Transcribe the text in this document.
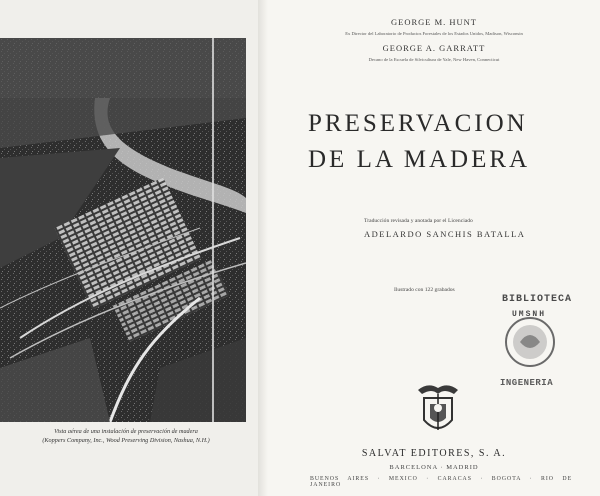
Vista aérea de una instalación de preservación de madera
(Koppers Company, Inc., Wood Preserving Division, Nashua, N.H.)
GEORGE M. HUNT
Ex Director del Laboratorio de Productos Forestales de los Estados Unidos, Madison, Wisconsin
GEORGE A. GARRATT
Decano de la Escuela de Silvicultura de Yale, New Haven, Connecticut
PRESERVACION
DE LA MADERA
Traducción revisada y anotada por el Licenciado
ADELARDO SANCHIS BATALLA
Ilustrado con 122 grabados
BIBLIOTECA
UMSNH
INGENERIA
SALVAT EDITORES, S. A.
BARCELONA · MADRID
BUENOS AIRES · MEXICO · CARACAS · BOGOTA · RIO DE JANEIRO
